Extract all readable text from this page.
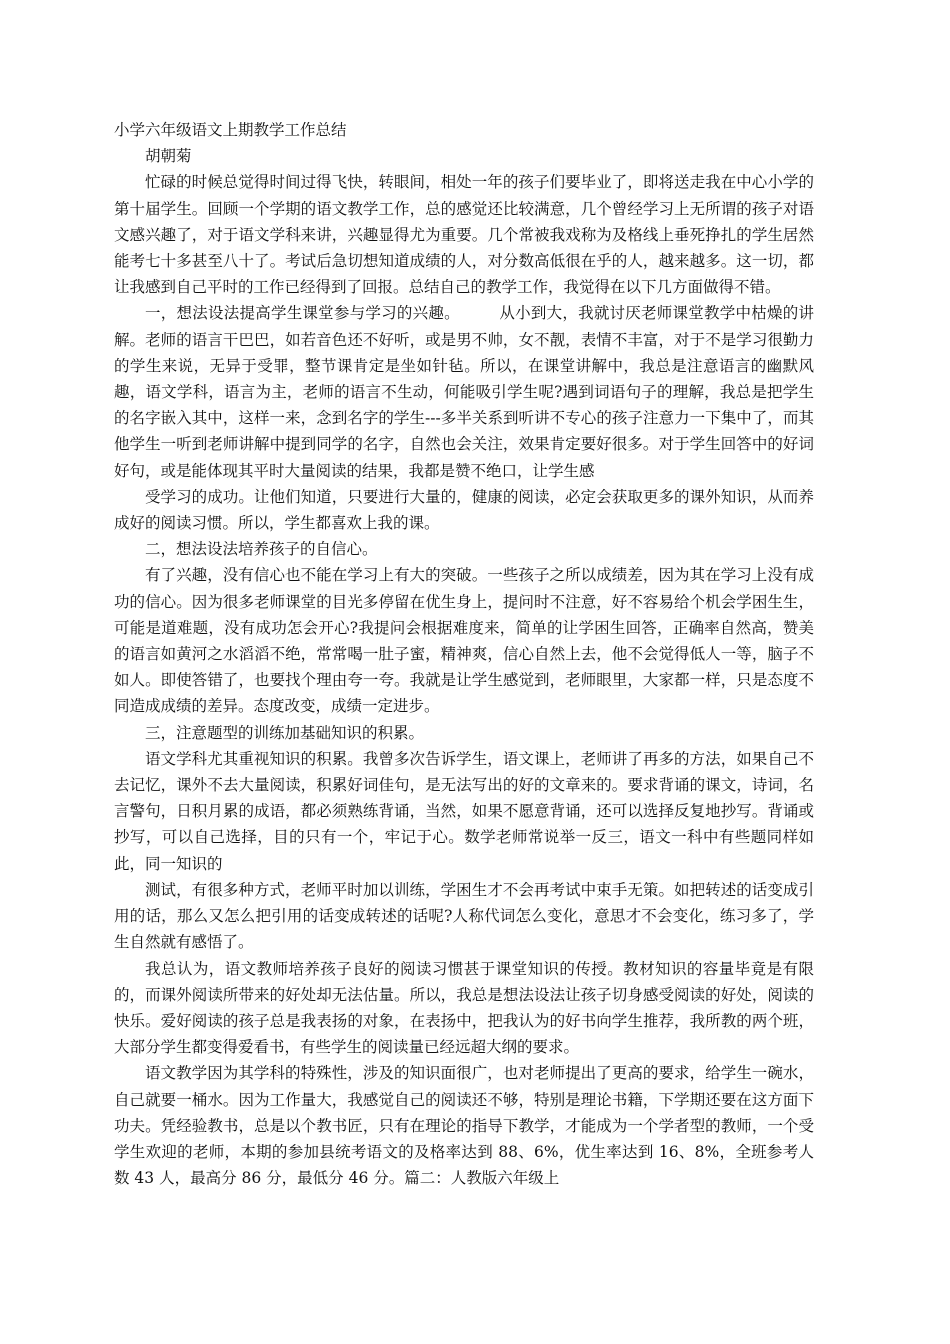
小学六年级语文上期教学工作总结

胡朝菊

忙碌的时候总觉得时间过得飞快，转眼间，相处一年的孩子们要毕业了，即将送走我在中心小学的第十届学生。回顾一个学期的语文教学工作，总的感觉还比较满意，几个曾经学习上无所谓的孩子对语文感兴趣了，对于语文学科来讲，兴趣显得尤为重要。几个常被我戏称为及格线上垂死挣扎的学生居然能考七十多甚至八十了。考试后急切想知道成绩的人，对分数高低很在乎的人，越来越多。这一切，都让我感到自己平时的工作已经得到了回报。总结自己的教学工作，我觉得在以下几方面做得不错。

一，想法设法提高学生课堂参与学习的兴趣。　　　从小到大，我就讨厌老师课堂教学中枯燥的讲解。老师的语言干巴巴，如若音色还不好听，或是男不帅，女不靓，表情不丰富，对于不是学习很勤力的学生来说，无异于受罪，整节课肯定是坐如针毡。所以，在课堂讲解中，我总是注意语言的幽默风趣，语文学科，语言为主，老师的语言不生动，何能吸引学生呢?遇到词语句子的理解，我总是把学生的名字嵌入其中，这样一来，念到名字的学生---多半关系到听讲不专心的孩子注意力一下集中了，而其他学生一听到老师讲解中提到同学的名字，自然也会关注，效果肯定要好很多。对于学生回答中的好词好句，或是能体现其平时大量阅读的结果，我都是赞不绝口，让学生感

受学习的成功。让他们知道，只要进行大量的，健康的阅读，必定会获取更多的课外知识，从而养成好的阅读习惯。所以，学生都喜欢上我的课。

二，想法设法培养孩子的自信心。

有了兴趣，没有信心也不能在学习上有大的突破。一些孩子之所以成绩差，因为其在学习上没有成功的信心。因为很多老师课堂的目光多停留在优生身上，提问时不注意，好不容易给个机会学困生生，可能是道难题，没有成功怎会开心?我提问会根据难度来，简单的让学困生回答，正确率自然高，赞美的语言如黄河之水滔滔不绝，常常喝一肚子蜜，精神爽，信心自然上去，他不会觉得低人一等，脑子不如人。即使答错了，也要找个理由夸一夸。我就是让学生感觉到，老师眼里，大家都一样，只是态度不同造成成绩的差异。态度改变，成绩一定进步。

三，注意题型的训练加基础知识的积累。

语文学科尤其重视知识的积累。我曾多次告诉学生，语文课上，老师讲了再多的方法，如果自己不去记忆，课外不去大量阅读，积累好词佳句，是无法写出的好的文章来的。要求背诵的课文，诗词，名言警句，日积月累的成语，都必须熟练背诵，当然，如果不愿意背诵，还可以选择反复地抄写。背诵或抄写，可以自己选择，目的只有一个，牢记于心。数学老师常说举一反三，语文一科中有些题同样如此，同一知识的

测试，有很多种方式，老师平时加以训练，学困生才不会再考试中束手无策。如把转述的话变成引用的话，那么又怎么把引用的话变成转述的话呢?人称代词怎么变化，意思才不会变化，练习多了，学生自然就有感悟了。

我总认为，语文教师培养孩子良好的阅读习惯甚于课堂知识的传授。教材知识的容量毕竟是有限的，而课外阅读所带来的好处却无法估量。所以，我总是想法设法让孩子切身感受阅读的好处，阅读的快乐。爱好阅读的孩子总是我表扬的对象，在表扬中，把我认为的好书向学生推荐，我所教的两个班，大部分学生都变得爱看书，有些学生的阅读量已经远超大纲的要求。

语文教学因为其学科的特殊性，涉及的知识面很广，也对老师提出了更高的要求，给学生一碗水，自己就要一桶水。因为工作量大，我感觉自己的阅读还不够，特别是理论书籍，下学期还要在这方面下功夫。凭经验教书，总是以个教书匠，只有在理论的指导下教学，才能成为一个学者型的教师，一个受学生欢迎的老师，本期的参加县统考语文的及格率达到 88、6%，优生率达到 16、8%，全班参考人数 43 人，最高分 86 分，最低分 46 分。篇二：人教版六年级上
